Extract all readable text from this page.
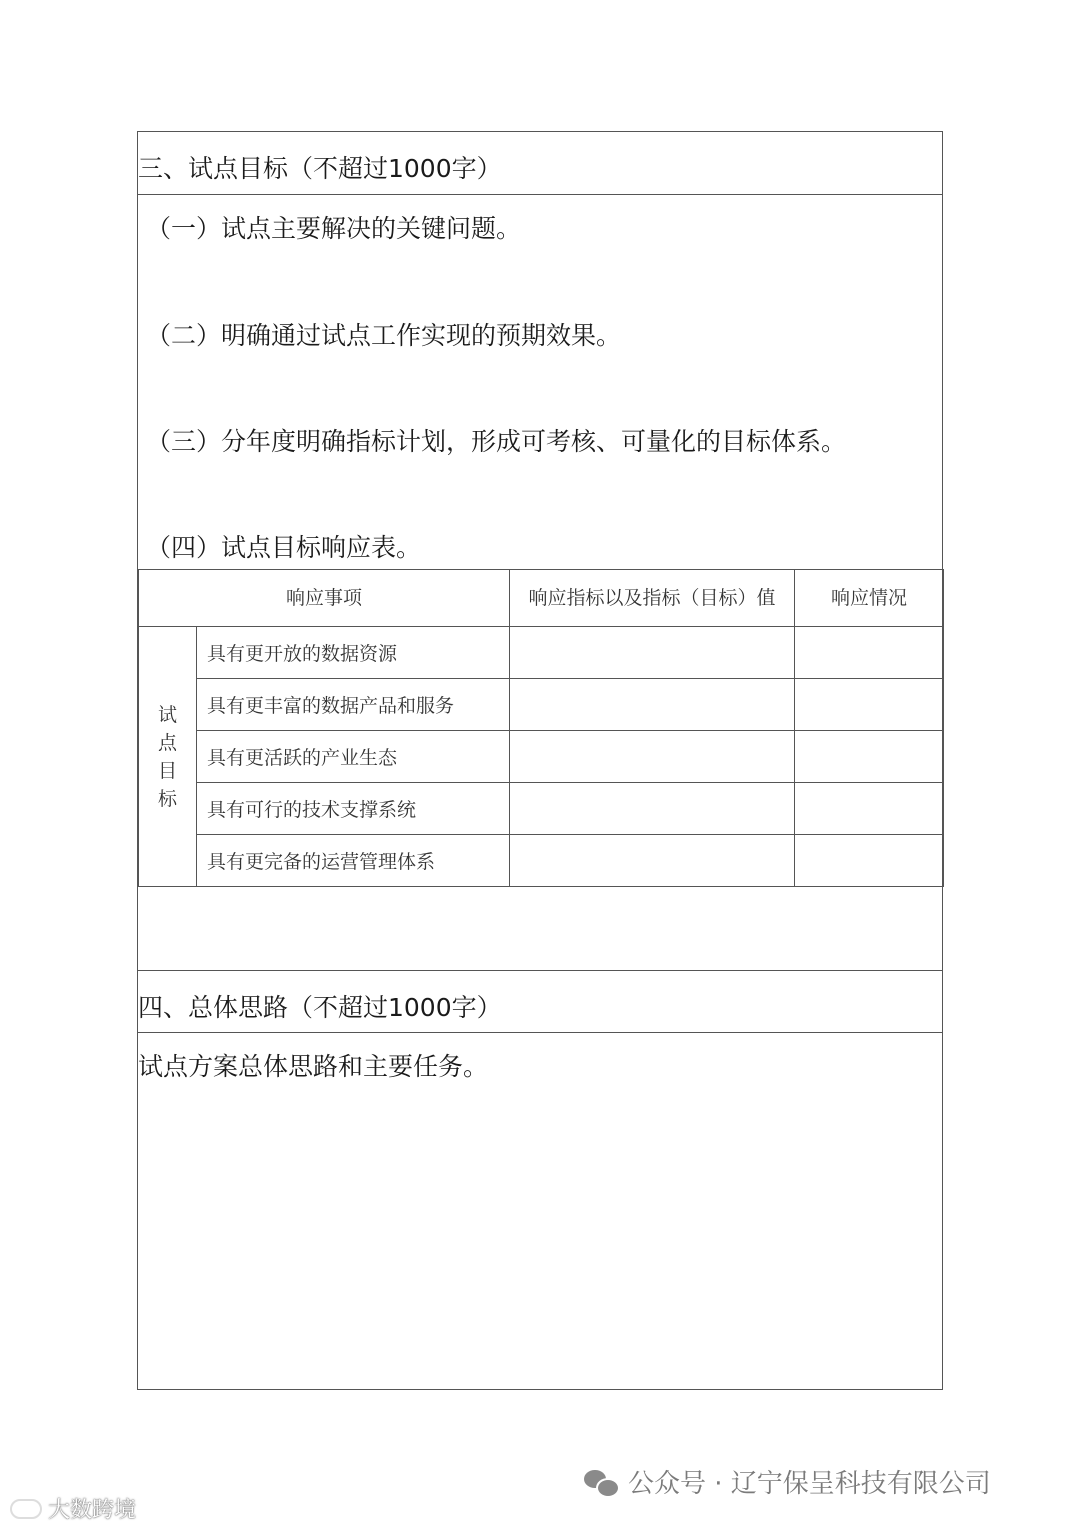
三、试点目标（不超过1000字）
（一）试点主要解决的关键问题。
（二）明确通过试点工作实现的预期效果。
（三）分年度明确指标计划，形成可考核、可量化的目标体系。
（四）试点目标响应表。
响应事项		响应指标以及指标（目标）值	响应情况
试点目标	具有更开放的数据资源		
	具有更丰富的数据产品和服务		
	具有更活跃的产业生态		
	具有可行的技术支撑系统		
	具有更完备的运营管理体系		
四、总体思路（不超过1000字）
试点方案总体思路和主要任务。
公众号 · 辽宁保呈科技有限公司
大数跨境
